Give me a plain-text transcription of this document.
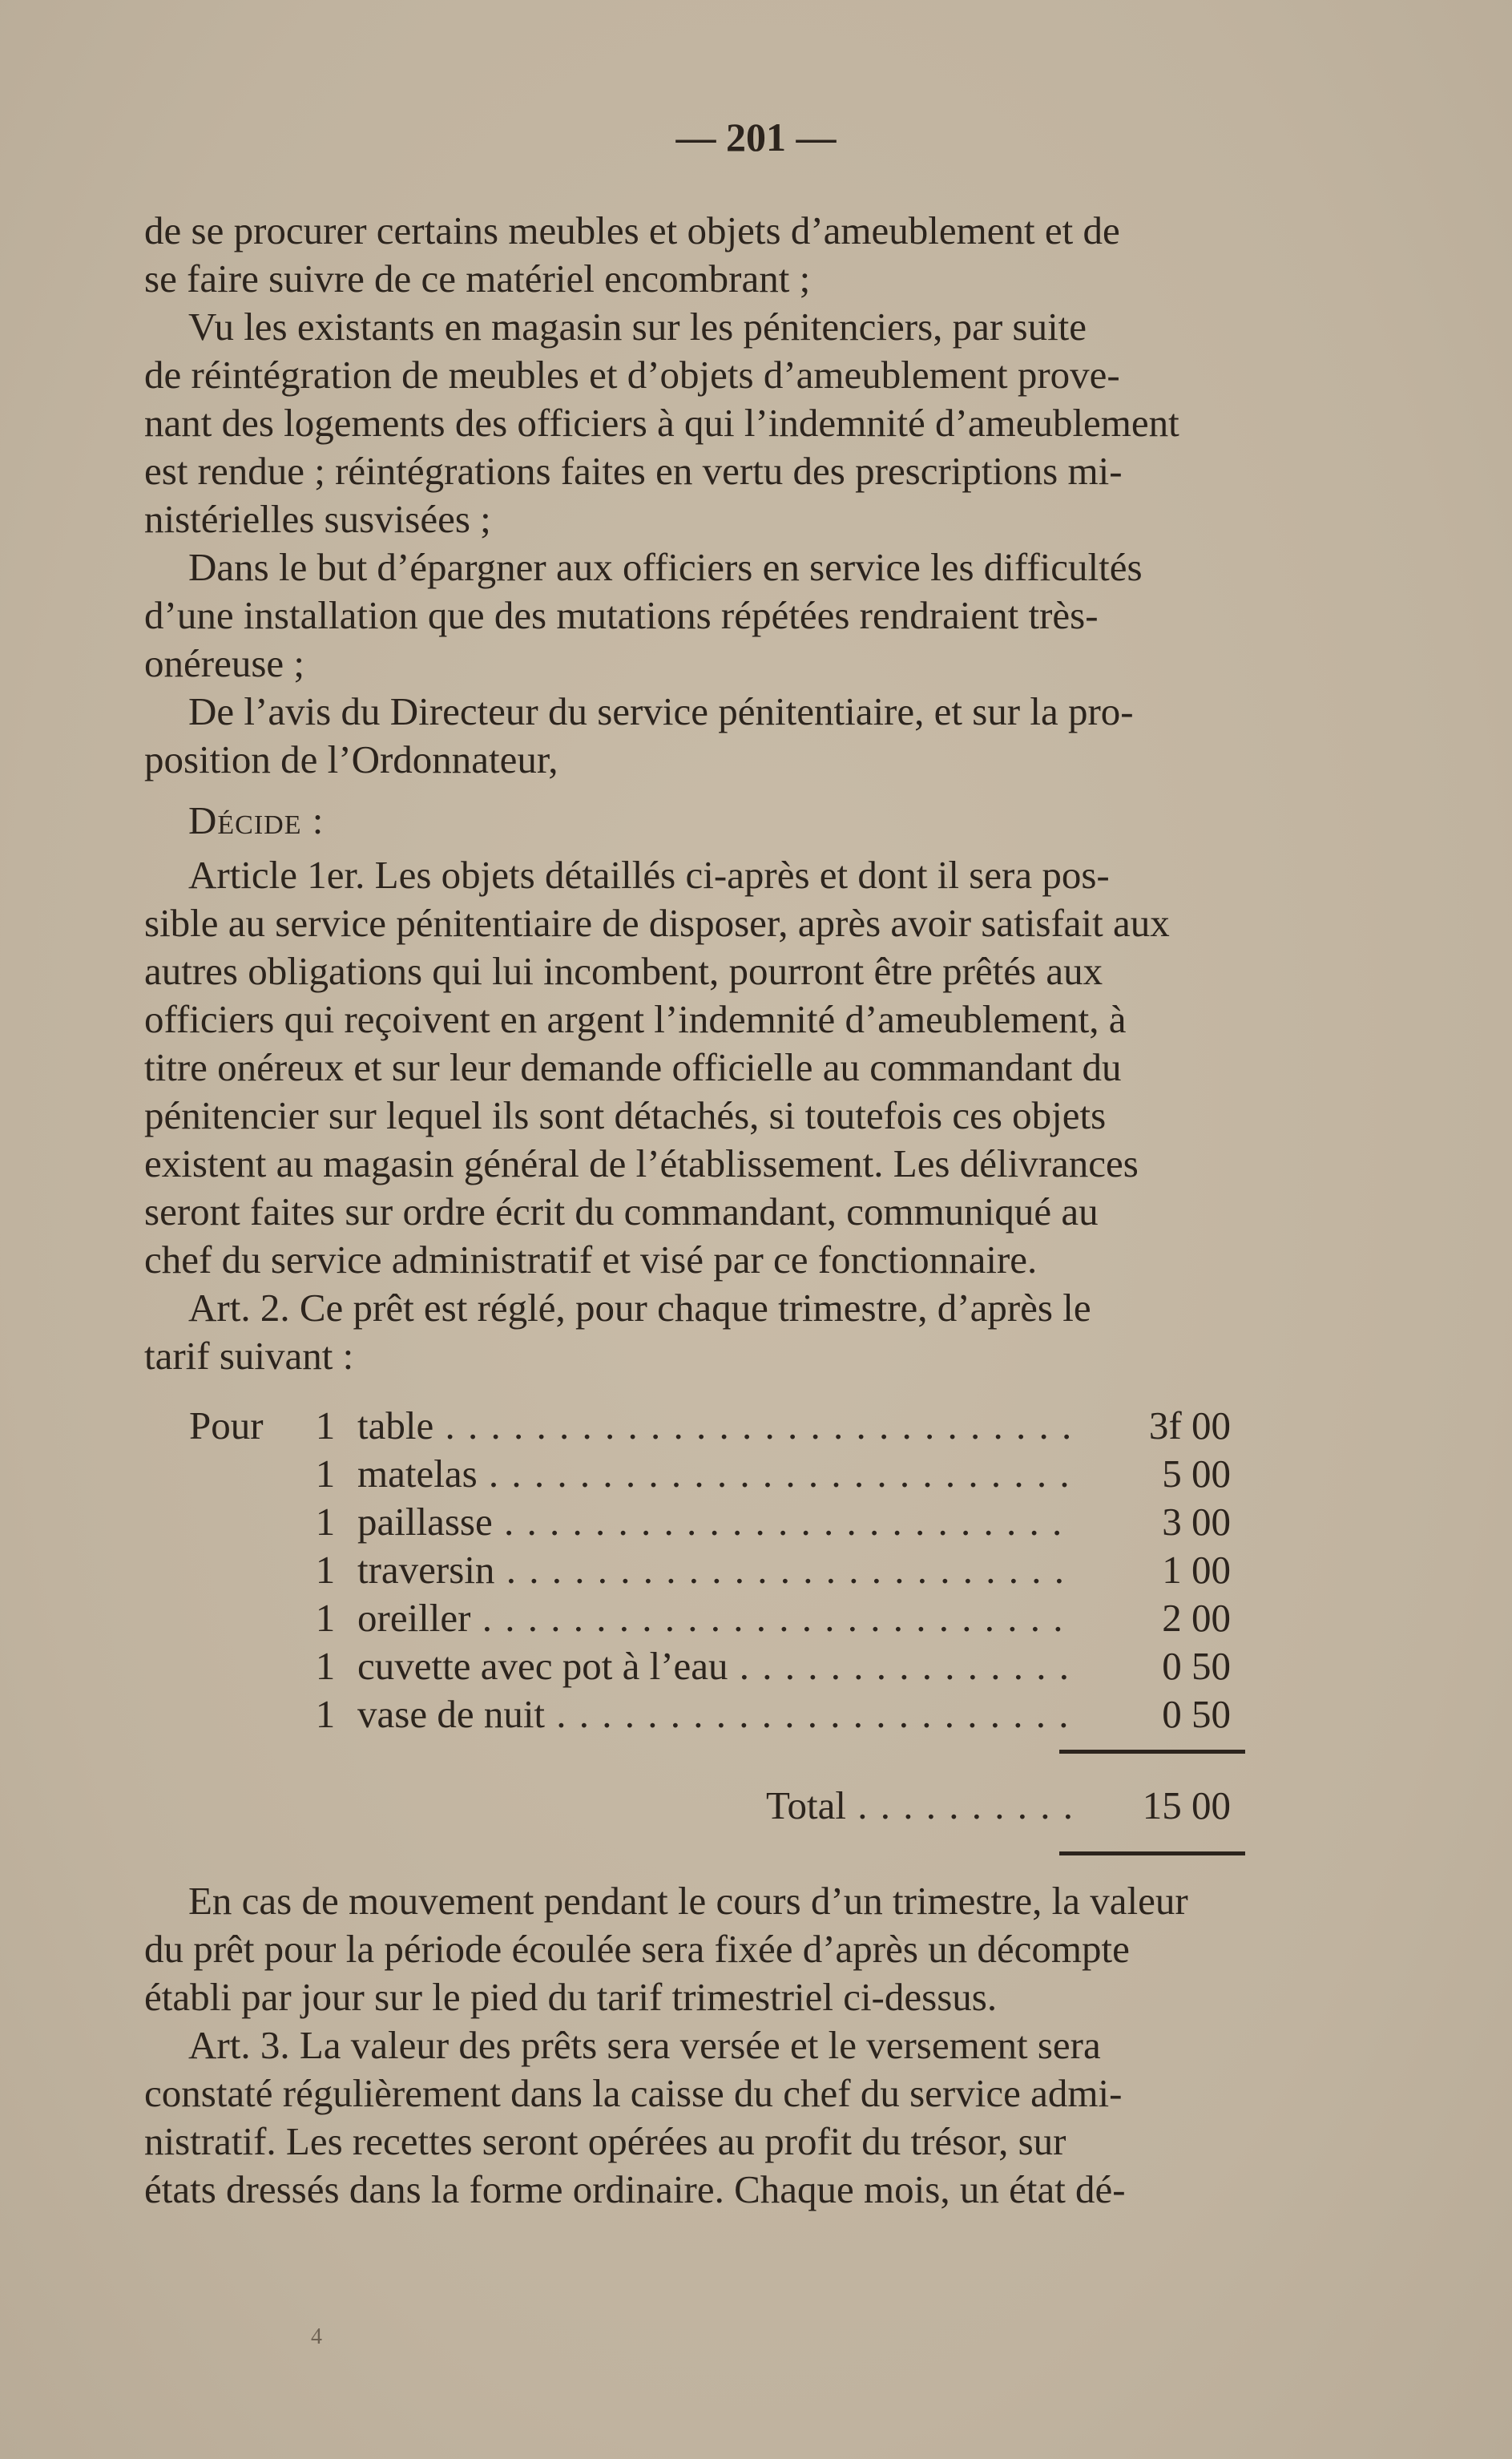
— 201 —
de se procurer certains meubles et objets d’ameublement et de
se faire suivre de ce matériel encombrant ;
Vu les existants en magasin sur les pénitenciers, par suite
de réintégration de meubles et d’objets d’ameublement prove-
nant des logements des officiers à qui l’indemnité d’ameublement
est rendue ; réintégrations faites en vertu des prescriptions mi-
nistérielles susvisées ;
Dans le but d’épargner aux officiers en service les difficultés
d’une installation que des mutations répétées rendraient très-
onéreuse ;
De l’avis du Directeur du service pénitentiaire, et sur la pro-
position de l’Ordonnateur,
Décide :
Article 1er. Les objets détaillés ci-après et dont il sera pos-
sible au service pénitentiaire de disposer, après avoir satisfait aux
autres obligations qui lui incombent, pourront être prêtés aux
officiers qui reçoivent en argent l’indemnité d’ameublement, à
titre onéreux et sur leur demande officielle au commandant du
pénitencier sur lequel ils sont détachés, si toutefois ces objets
existent au magasin général de l’établissement. Les délivrances
seront faites sur ordre écrit du commandant, communiqué au
chef du service administratif et visé par ce fonctionnaire.
Art. 2. Ce prêt est réglé, pour chaque trimestre, d’après le
tarif suivant :
Pour	1 table . . .	3f 00
1 matelas . . .	5 00
1 paillasse . . .	3 00
1 traversin . . .	1 00
1 oreiller . . .	2 00
1 cuvette avec pot à l’eau . . .	0 50
1 vase de nuit . . .	0 50
Total . . .	15 00
En cas de mouvement pendant le cours d’un trimestre, la valeur
du prêt pour la période écoulée sera fixée d’après un décompte
établi par jour sur le pied du tarif trimestriel ci-dessus.
Art. 3. La valeur des prêts sera versée et le versement sera
constaté régulièrement dans la caisse du chef du service admi-
nistratif. Les recettes seront opérées au profit du trésor, sur
états dressés dans la forme ordinaire. Chaque mois, un état dé-
4
